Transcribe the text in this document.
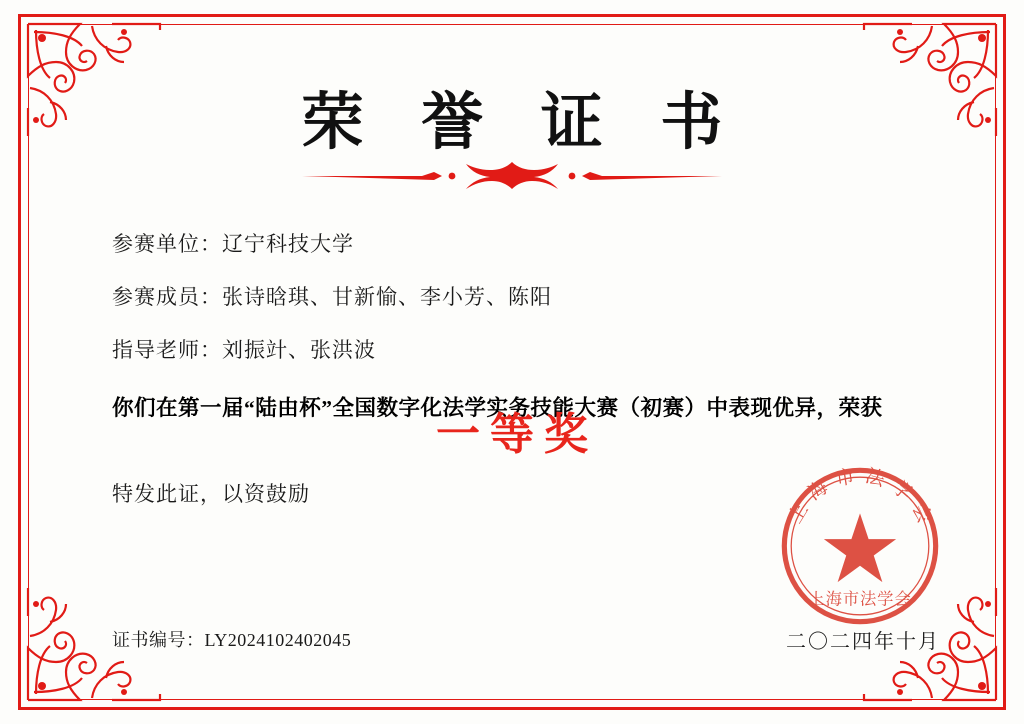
荣 誉 证 书
参赛单位：辽宁科技大学
参赛成员：张诗晗琪、甘新愉、李小芳、陈阳
指导老师：刘振竍、张洪波
你们在第一届“陆由杯”全国数字化法学实务技能大赛（初赛）中表现优异，荣获
一等奖
特发此证，以资鼓励
证书编号：LY2024102402045	二〇二四年十月
上海市法学会
上海市法学会
